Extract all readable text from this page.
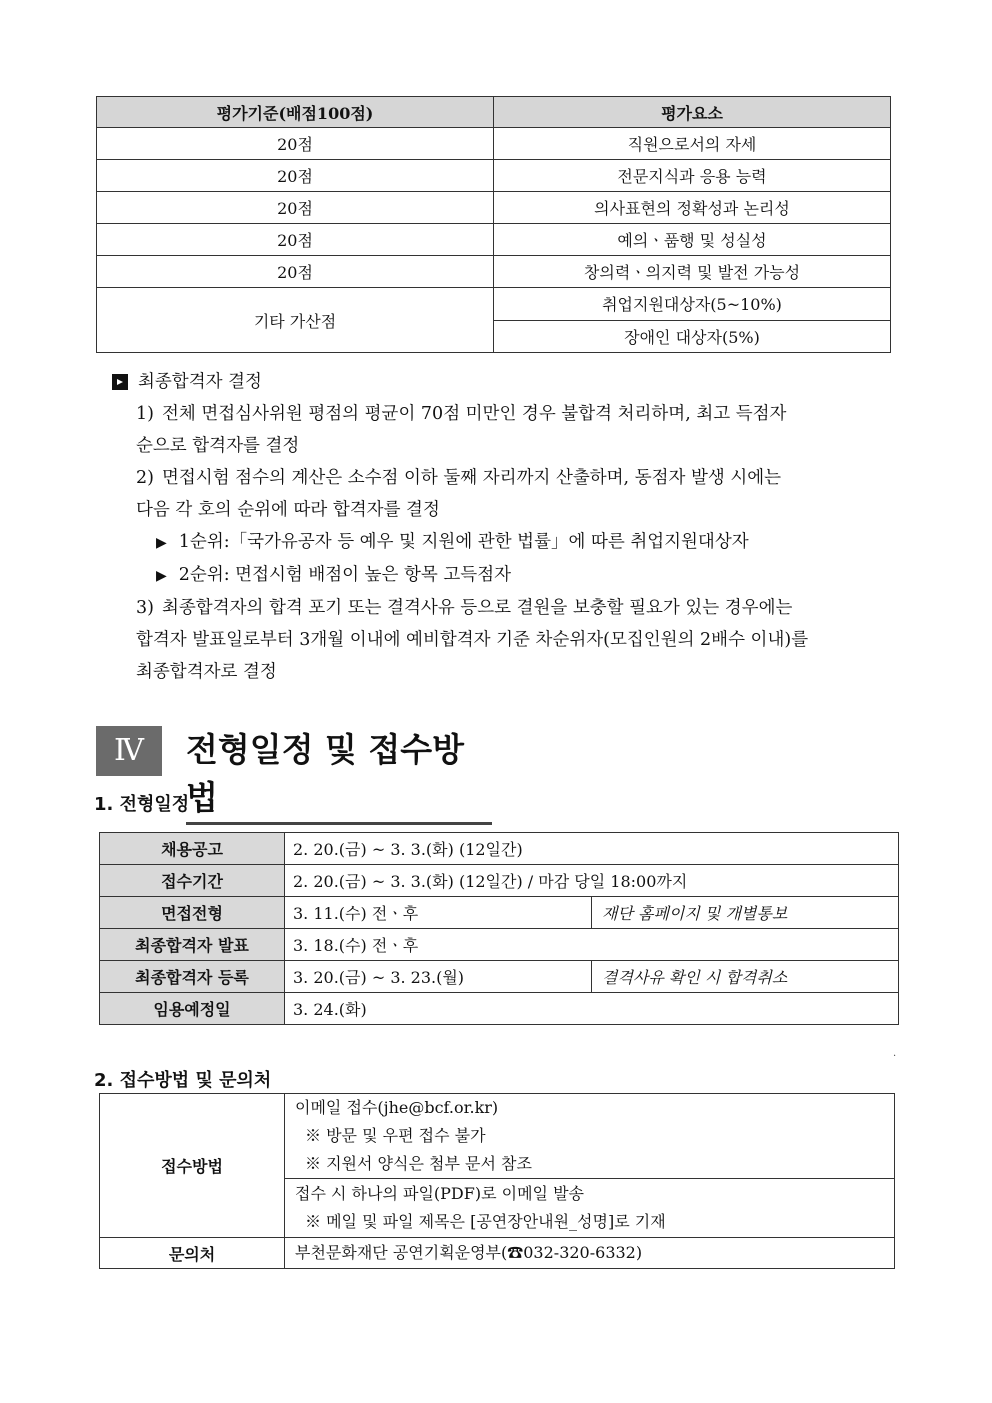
평가기준(배점100점)	평가요소
20점	직원으로서의 자세
20점	전문지식과 응용 능력
20점	의사표현의 정확성과 논리성
20점	예의ㆍ품행 및 성실성
20점	창의력ㆍ의지력 및 발전 가능성
기타 가산점	취업지원대상자(5~10%)
	장애인 대상자(5%)
최종합격자 결정
1) 전체 면접심사위원 평점의 평균이 70점 미만인 경우 불합격 처리하며, 최고 득점자
순으로 합격자를 결정
2) 면접시험 점수의 계산은 소수점 이하 둘째 자리까지 산출하며, 동점자 발생 시에는
다음 각 호의 순위에 따라 합격자를 결정
▶ 1순위:「국가유공자 등 예우 및 지원에 관한 법률」에 따른 취업지원대상자
▶ 2순위: 면접시험 배점이 높은 항목 고득점자
3) 최종합격자의 합격 포기 또는 결격사유 등으로 결원을 보충할 필요가 있는 경우에는
합격자 발표일로부터 3개월 이내에 예비합격자 기준 차순위자(모집인원의 2배수 이내)를
최종합격자로 결정
Ⅳ	전형일정 및 접수방법
1. 전형일정
채용공고	2. 20.(금) ~ 3. 3.(화) (12일간)	
접수기간	2. 20.(금) ~ 3. 3.(화) (12일간) / 마감 당일 18:00까지	
면접전형	3. 11.(수) 전ㆍ후	재단 홈페이지 및 개별통보
최종합격자 발표	3. 18.(수) 전ㆍ후	
최종합격자 등록	3. 20.(금) ~ 3. 23.(월)	결격사유 확인 시 합격취소
임용예정일	3. 24.(화)	
.
2. 접수방법 및 문의처
접수방법	이메일 접수(jhe@bcf.or.kr)
※ 방문 및 우편 접수 불가
※ 지원서 양식은 첨부 문서 참조

	접수 시 하나의 파일(PDF)로 이메일 발송
※ 메일 및 파일 제목은 [공연장안내원_성명]로 기재

문의처	부천문화재단 공연기획운영부(☎032-320-6332)
